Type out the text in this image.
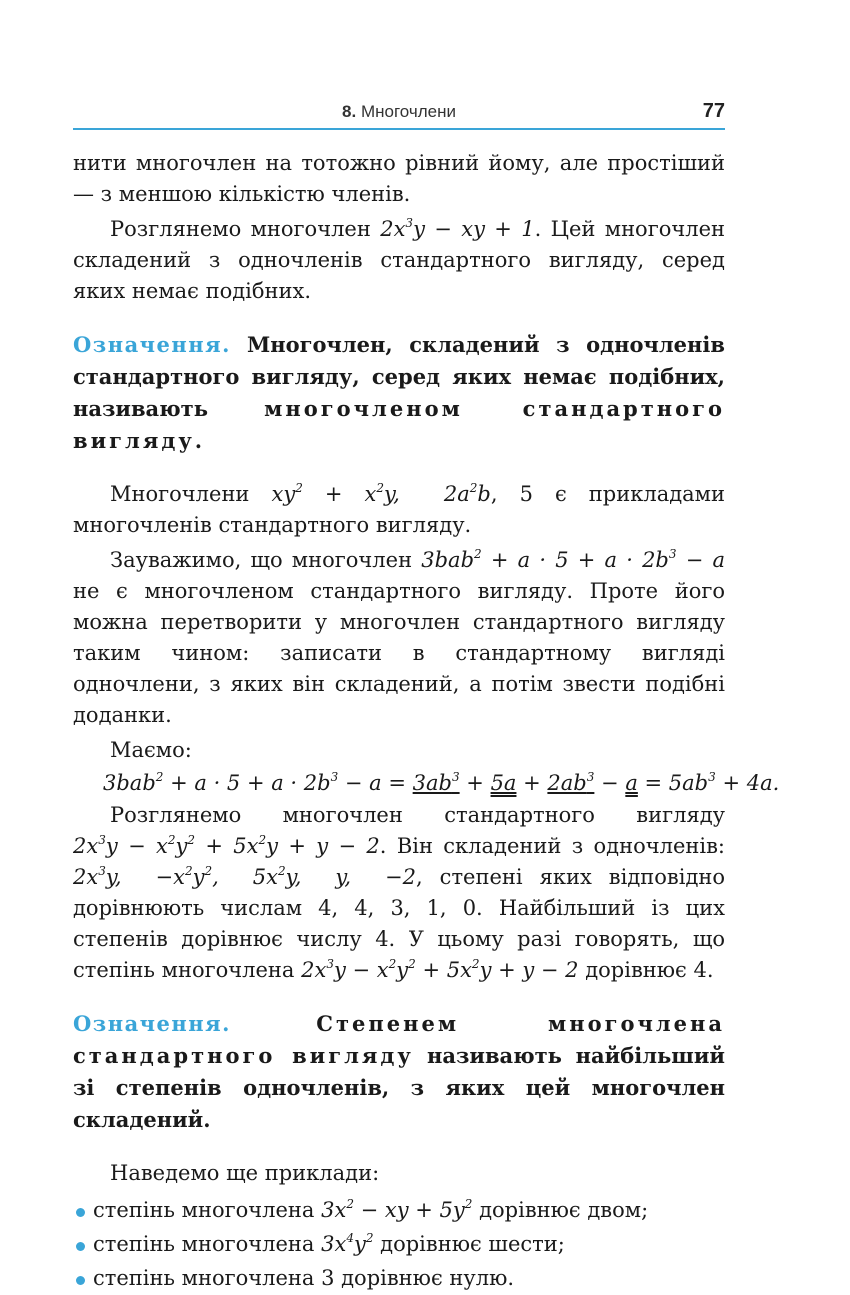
8. Многочлени	77

нити многочлен на тотожно рівний йому, але простіший — з меншою кількістю членів.

Розглянемо многочлен $2x^3y$ − xy + 1. Цей многочлен складений з одночленів стандартного вигляду, серед яких немає подібних.

Означення. Многочлен, складений з одночленів стандартного вигляду, серед яких немає подібних, називають	многочленом стандартного вигляду.

Многочлени $xy^2 + x^2y$,  $2a^2b$, 5 є прикладами многочленів стандартного вигляду.

Зауважимо, що многочлен $3bab^2 + a \cdot 5 + a \cdot 2b^3 - a$ не є многочленом стандартного вигляду. Проте його можна перетворити у многочлен стандартного вигляду таким чином: записати в стандартному вигляді одночлени, з яких він складений, а потім звести подібні доданки.

Маємо:

$3bab^2 + a \cdot 5 + a \cdot 2b^3 - a = 3ab^3 + 5a + 2ab^3 - a = 5ab^3 + 4a$.

Розглянемо многочлен стандартного вигляду $2x^3y - x^2y^2 + 5x^2y + y - 2$. Він складений з одночленів: $2x^3y$,  $-x^2y^2$,  $5x^2y$,  y,  −2, степені яких відповідно дорівнюють числам 4, 4, 3, 1, 0. Найбільший із цих степенів дорівнює числу 4. У цьому разі говорять, що степінь многочлена $2x^3y - x^2y^2 + 5x^2y + y - 2$ дорівнює 4.

Означення.	Степенем многочлена стандартного вигляду називають найбільший зі степенів одночленів, з яких цей многочлен складений.

Наведемо ще приклади:

степінь многочлена $3x^2$ − xy + $5y^2$ дорівнює двом;
степінь многочлена $3x^4y^2$ дорівнює шести;
степінь многочлена 3 дорівнює нулю.
